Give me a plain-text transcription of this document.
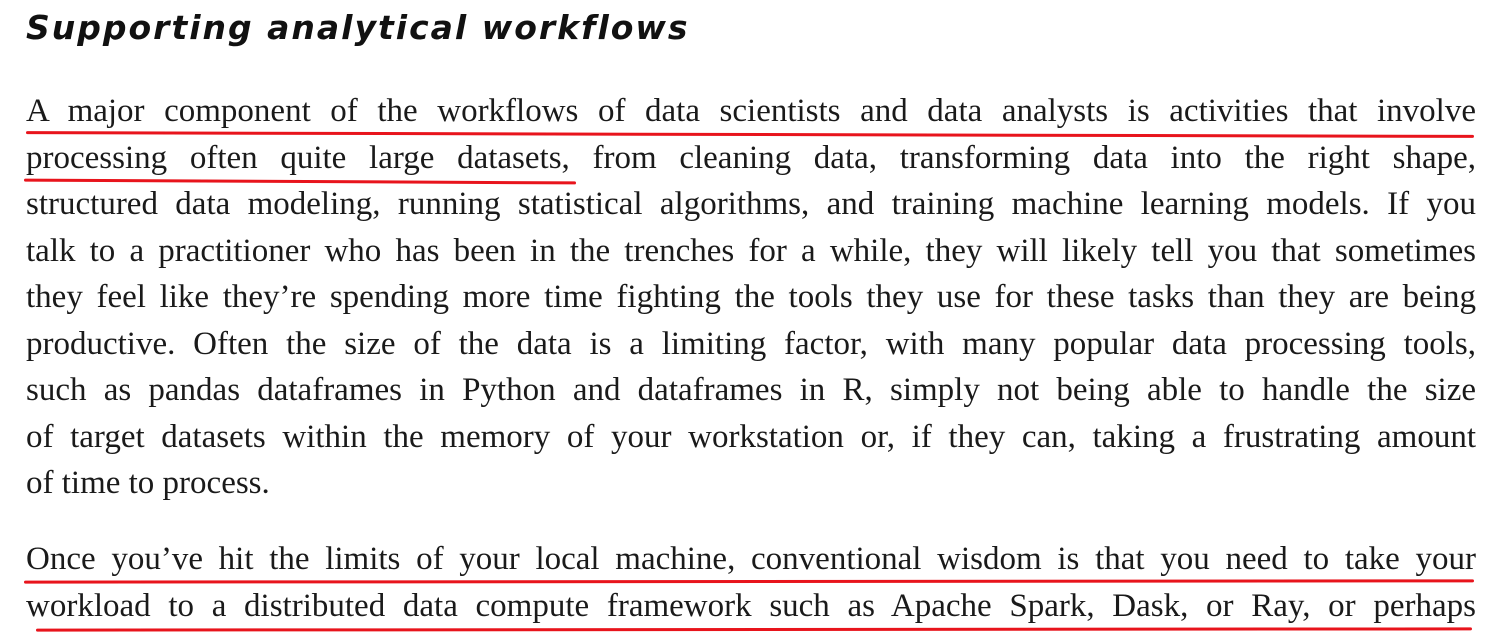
Supporting analytical workflows
A major component of the workflows of data scientists and data analysts is activities that involve
processing often quite large datasets, from cleaning data, transforming data into the right shape,
structured data modeling, running statistical algorithms, and training machine learning models. If you
talk to a practitioner who has been in the trenches for a while, they will likely tell you that sometimes
they feel like they’re spending more time fighting the tools they use for these tasks than they are being
productive. Often the size of the data is a limiting factor, with many popular data processing tools,
such as pandas dataframes in Python and dataframes in R, simply not being able to handle the size
of target datasets within the memory of your workstation or, if they can, taking a frustrating amount
of time to process.
Once you’ve hit the limits of your local machine, conventional wisdom is that you need to take your
workload to a distributed data compute framework such as Apache Spark, Dask, or Ray, or perhaps
